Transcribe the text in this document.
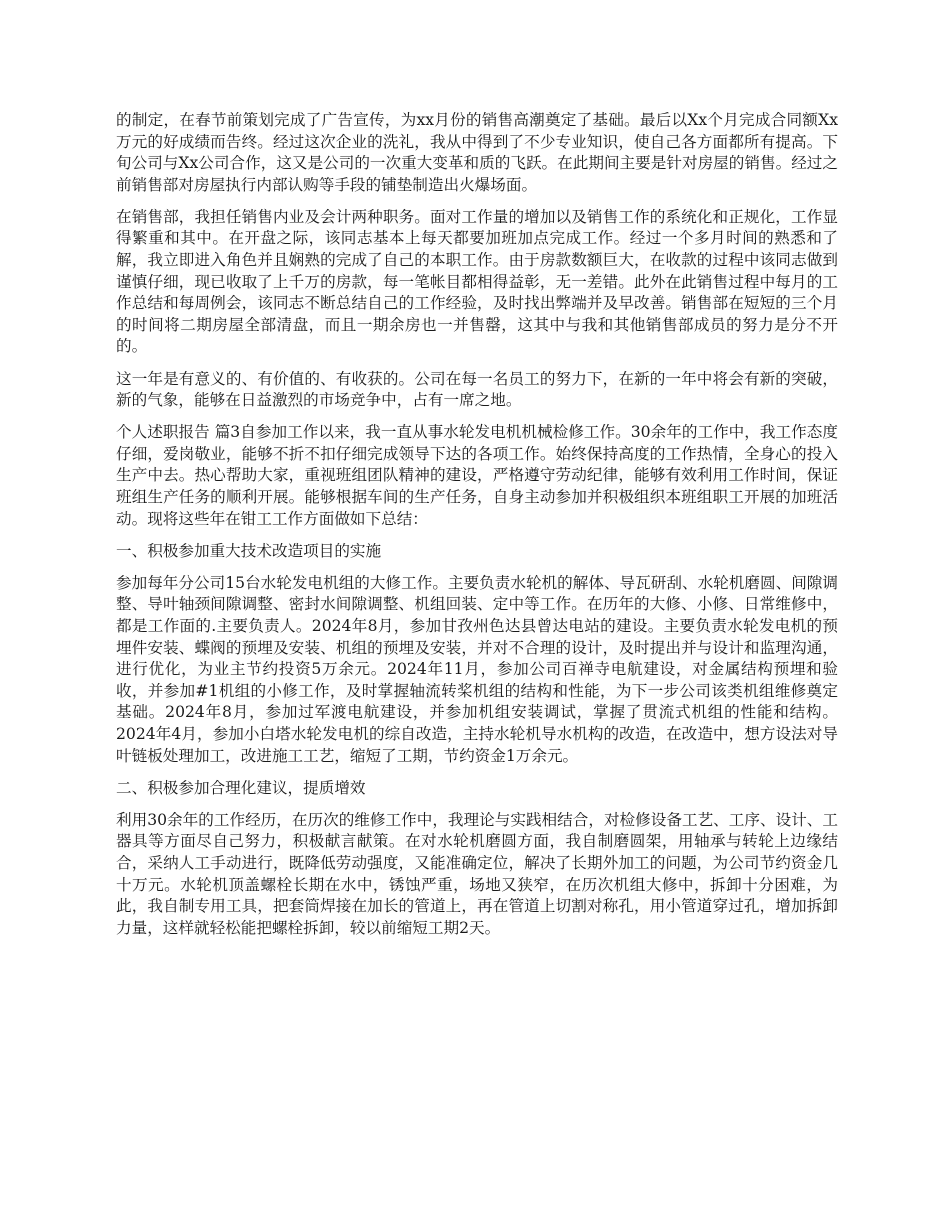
的制定，在春节前策划完成了广告宣传，为xx月份的销售高潮奠定了基础。最后以Xx个月完成合同额Xx万元的好成绩而告终。经过这次企业的洗礼，我从中得到了不少专业知识，使自己各方面都所有提高。下旬公司与Xx公司合作，这又是公司的一次重大变革和质的飞跃。在此期间主要是针对房屋的销售。经过之前销售部对房屋执行内部认购等手段的铺垫制造出火爆场面。

在销售部，我担任销售内业及会计两种职务。面对工作量的增加以及销售工作的系统化和正规化，工作显得繁重和其中。在开盘之际，该同志基本上每天都要加班加点完成工作。经过一个多月时间的熟悉和了解，我立即进入角色并且娴熟的完成了自己的本职工作。由于房款数额巨大，在收款的过程中该同志做到谨慎仔细，现已收取了上千万的房款，每一笔帐目都相得益彰，无一差错。此外在此销售过程中每月的工作总结和每周例会，该同志不断总结自己的工作经验，及时找出弊端并及早改善。销售部在短短的三个月的时间将二期房屋全部清盘，而且一期余房也一并售罄，这其中与我和其他销售部成员的努力是分不开的。

这一年是有意义的、有价值的、有收获的。公司在每一名员工的努力下，在新的一年中将会有新的突破，新的气象，能够在日益激烈的市场竞争中，占有一席之地。

个人述职报告 篇3自参加工作以来，我一直从事水轮发电机机械检修工作。30余年的工作中，我工作态度仔细，爱岗敬业，能够不折不扣仔细完成领导下达的各项工作。始终保持高度的工作热情，全身心的投入生产中去。热心帮助大家，重视班组团队精神的建设，严格遵守劳动纪律，能够有效利用工作时间，保证班组生产任务的顺利开展。能够根据车间的生产任务，自身主动参加并积极组织本班组职工开展的加班活动。现将这些年在钳工工作方面做如下总结：

一、积极参加重大技术改造项目的实施

参加每年分公司15台水轮发电机组的大修工作。主要负责水轮机的解体、导瓦研刮、水轮机磨圆、间隙调整、导叶轴颈间隙调整、密封水间隙调整、机组回装、定中等工作。在历年的大修、小修、日常维修中，都是工作面的.主要负责人。2024年8月，参加甘孜州色达县曾达电站的建设。主要负责水轮发电机的预埋件安装、蝶阀的预埋及安装、机组的预埋及安装，并对不合理的设计，及时提出并与设计和监理沟通，进行优化，为业主节约投资5万余元。2024年11月，参加公司百禅寺电航建设，对金属结构预埋和验收，并参加#1机组的小修工作，及时掌握轴流转桨机组的结构和性能，为下一步公司该类机组维修奠定基础。2024年8月，参加过军渡电航建设，并参加机组安装调试，掌握了贯流式机组的性能和结构。2024年4月，参加小白塔水轮发电机的综自改造，主持水轮机导水机构的改造，在改造中，想方设法对导叶链板处理加工，改进施工工艺，缩短了工期，节约资金1万余元。

二、积极参加合理化建议，提质增效

利用30余年的工作经历，在历次的维修工作中，我理论与实践相结合，对检修设备工艺、工序、设计、工器具等方面尽自己努力，积极献言献策。在对水轮机磨圆方面，我自制磨圆架，用轴承与转轮上边缘结合，采纳人工手动进行，既降低劳动强度，又能准确定位，解决了长期外加工的问题，为公司节约资金几十万元。水轮机顶盖螺栓长期在水中，锈蚀严重，场地又狭窄，在历次机组大修中，拆卸十分困难，为此，我自制专用工具，把套筒焊接在加长的管道上，再在管道上切割对称孔，用小管道穿过孔，增加拆卸力量，这样就轻松能把螺栓拆卸，较以前缩短工期2天。
